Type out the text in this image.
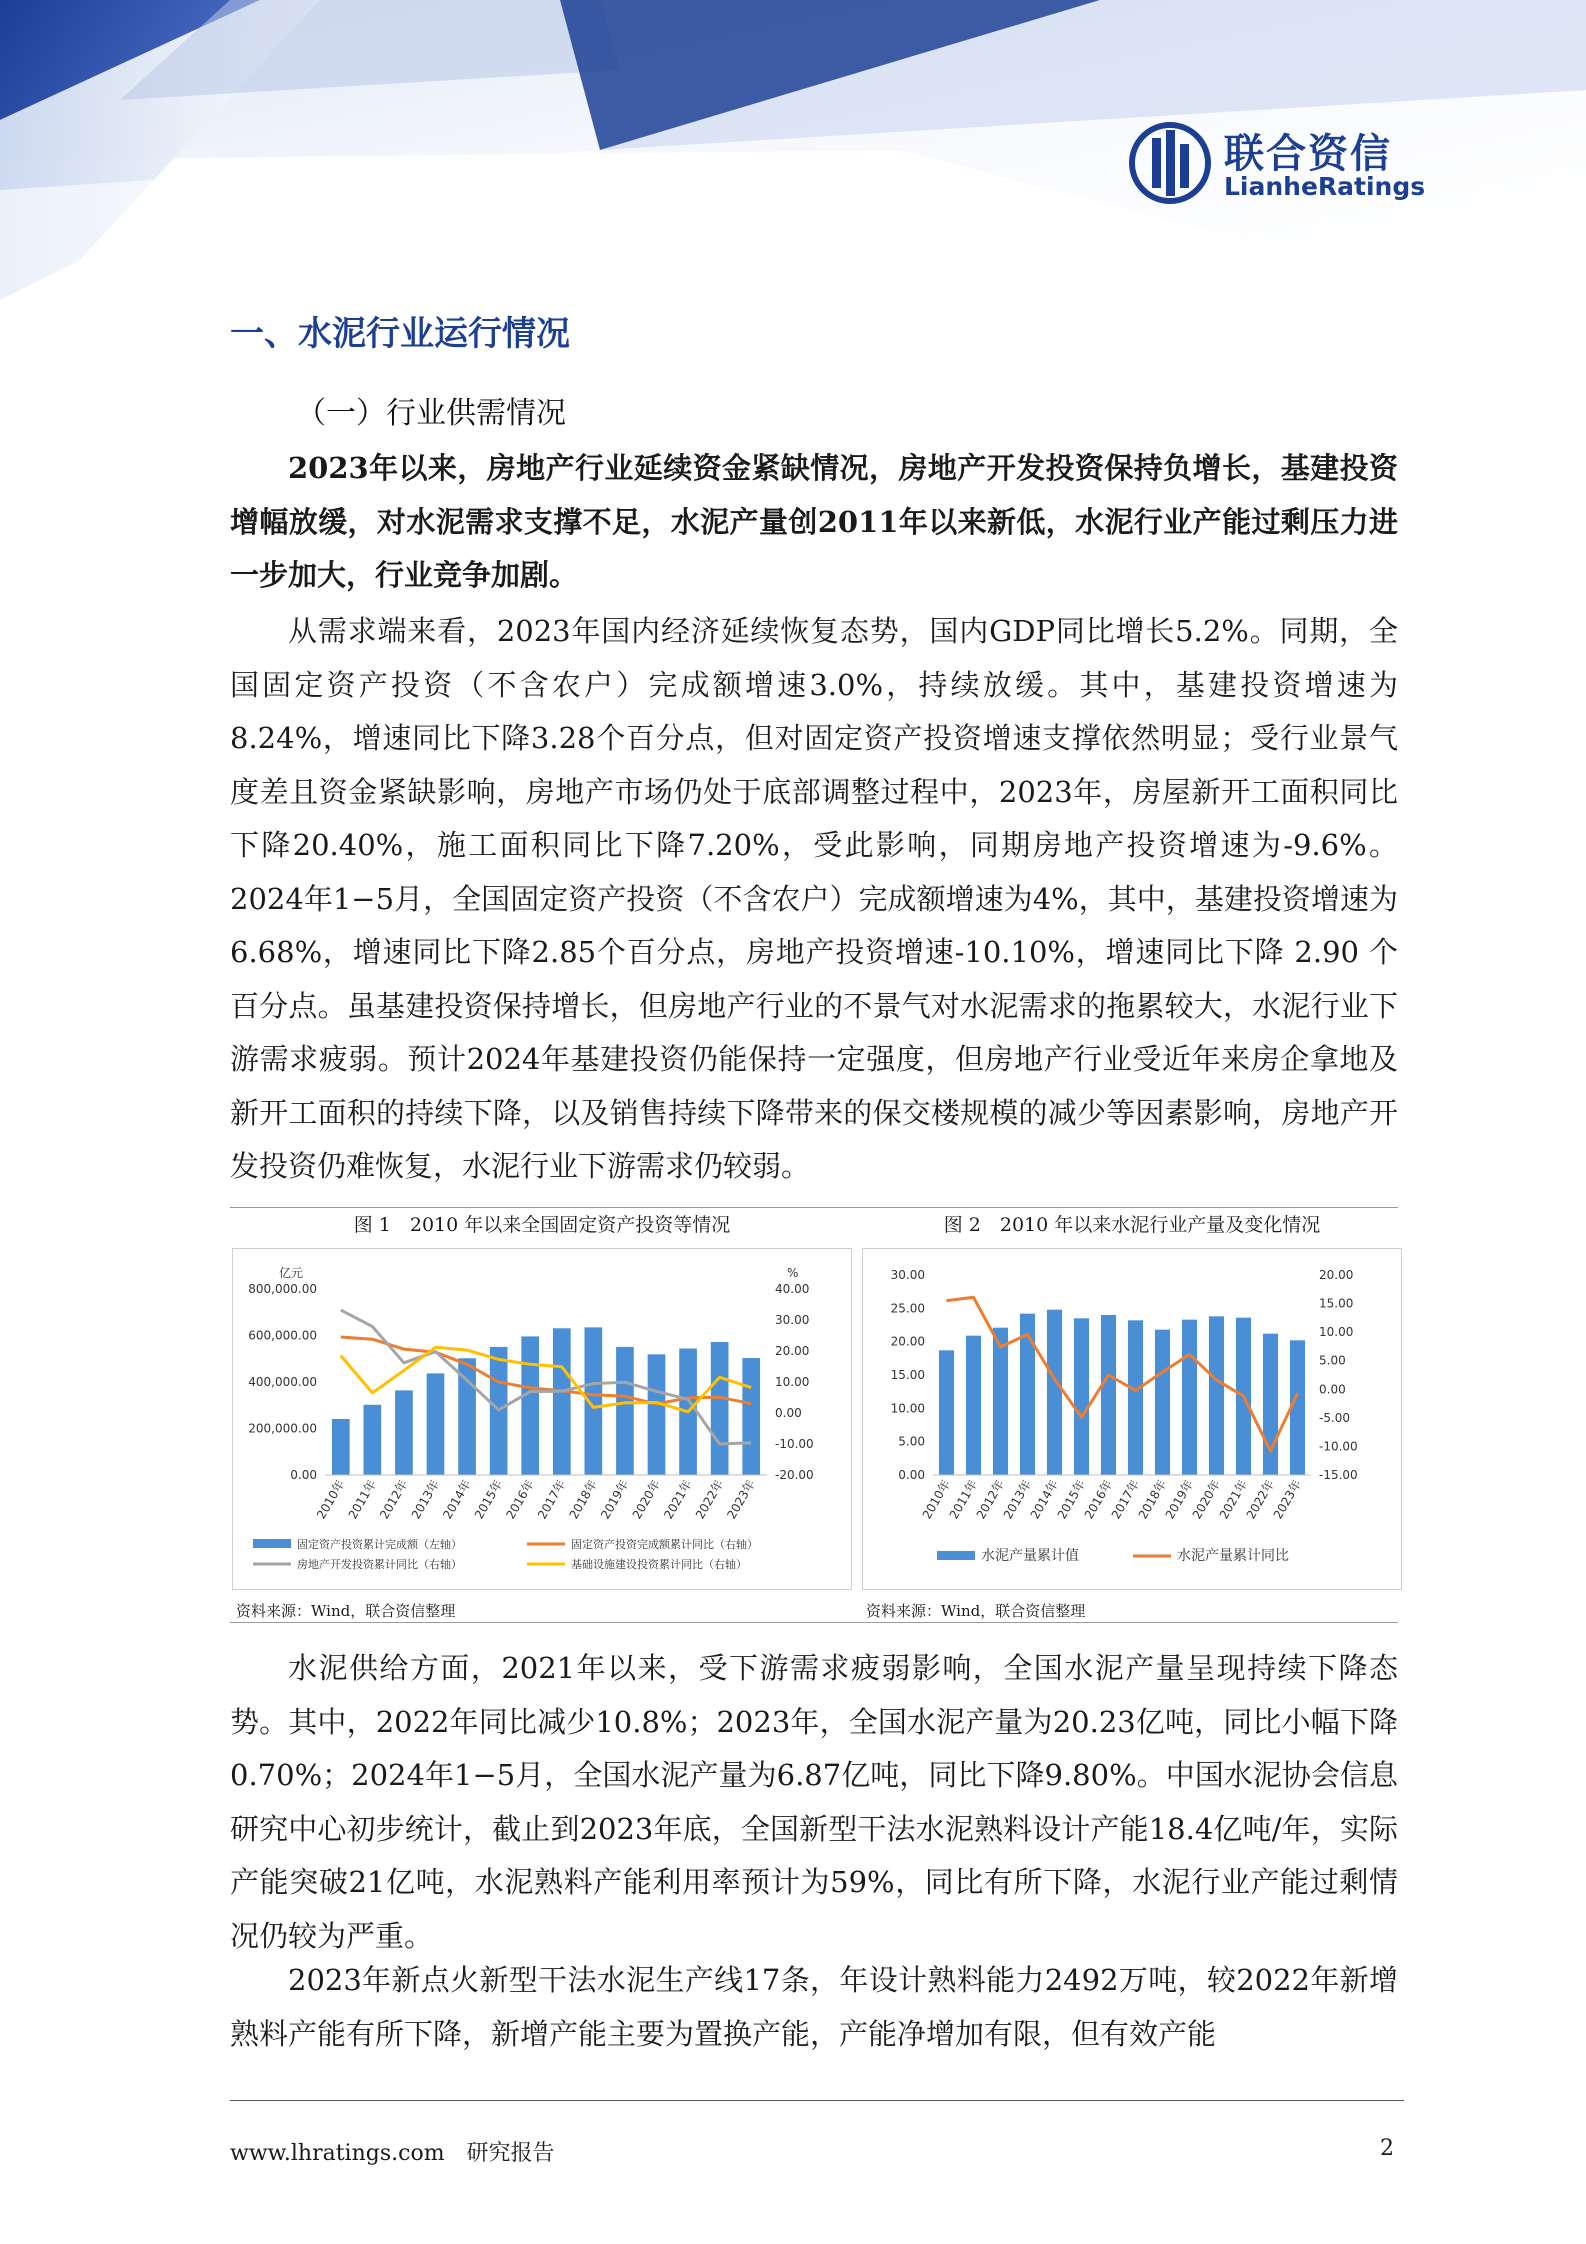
联合资信
LianheRatings
一、水泥行业运行情况
（一）行业供需情况

2023年以来，房地产行业延续资金紧缺情况，房地产开发投资保持负增长，基建投资增幅放缓，对水泥需求支撑不足，水泥产量创2011年以来新低，水泥行业产能过剩压力进一步加大，行业竞争加剧。

从需求端来看，2023年国内经济延续恢复态势，国内GDP同比增长5.2%。同期，全国固定资产投资（不含农户）完成额增速3.0%，持续放缓。其中，基建投资增速为8.24%，增速同比下降3.28个百分点，但对固定资产投资增速支撑依然明显；受行业景气度差且资金紧缺影响，房地产市场仍处于底部调整过程中，2023年，房屋新开工面积同比下降20.40%，施工面积同比下降7.20%，受此影响，同期房地产投资增速为-9.6%。2024年1−5月，全国固定资产投资（不含农户）完成额增速为4%，其中，基建投资增速为6.68%，增速同比下降2.85个百分点，房地产投资增速-10.10%，增速同比下降 2.90 个百分点。虽基建投资保持增长，但房地产行业的不景气对水泥需求的拖累较大，水泥行业下游需求疲弱。预计2024年基建投资仍能保持一定强度，但房地产行业受近年来房企拿地及新开工面积的持续下降，以及销售持续下降带来的保交楼规模的减少等因素影响，房地产开发投资仍难恢复，水泥行业下游需求仍较弱。

图 1　2010 年以来全国固定资产投资等情况
亿元	%
800,000.00
600,000.00
400,000.00
200,000.00
0.00
40.00
30.00
20.00
10.00
0.00
-10.00
-20.00
2010年
2011年
2012年
2013年
2014年
2015年
2016年
2017年
2018年
2019年
2020年
2021年
2022年
2023年
固定资产投资累计完成额（左轴）	固定资产投资完成额累计同比（右轴）
房地产开发投资累计同比（右轴）	基础设施建设投资累计同比（右轴）
资料来源：Wind，联合资信整理
图 2　2010 年以来水泥行业产量及变化情况
30.00
25.00
20.00
15.00
10.00
5.00
0.00
20.00
15.00
10.00
5.00
0.00
-5.00
-10.00
-15.00
2010年
2011年
2012年
2013年
2014年
2015年
2016年
2017年
2018年
2019年
2020年
2021年
2022年
2023年
水泥产量累计值	水泥产量累计同比
资料来源：Wind，联合资信整理

水泥供给方面，2021年以来，受下游需求疲弱影响，全国水泥产量呈现持续下降态势。其中，2022年同比减少10.8%；2023年，全国水泥产量为20.23亿吨，同比小幅下降0.70%；2024年1−5月，全国水泥产量为6.87亿吨，同比下降9.80%。中国水泥协会信息研究中心初步统计，截止到2023年底，全国新型干法水泥熟料设计产能18.4亿吨/年，实际产能突破21亿吨，水泥熟料产能利用率预计为59%，同比有所下降，水泥行业产能过剩情况仍较为严重。

2023年新点火新型干法水泥生产线17条，年设计熟料能力2492万吨，较2022年新增熟料产能有所下降，新增产能主要为置换产能，产能净增加有限，但有效产能

www.lhratings.com　研究报告	2
